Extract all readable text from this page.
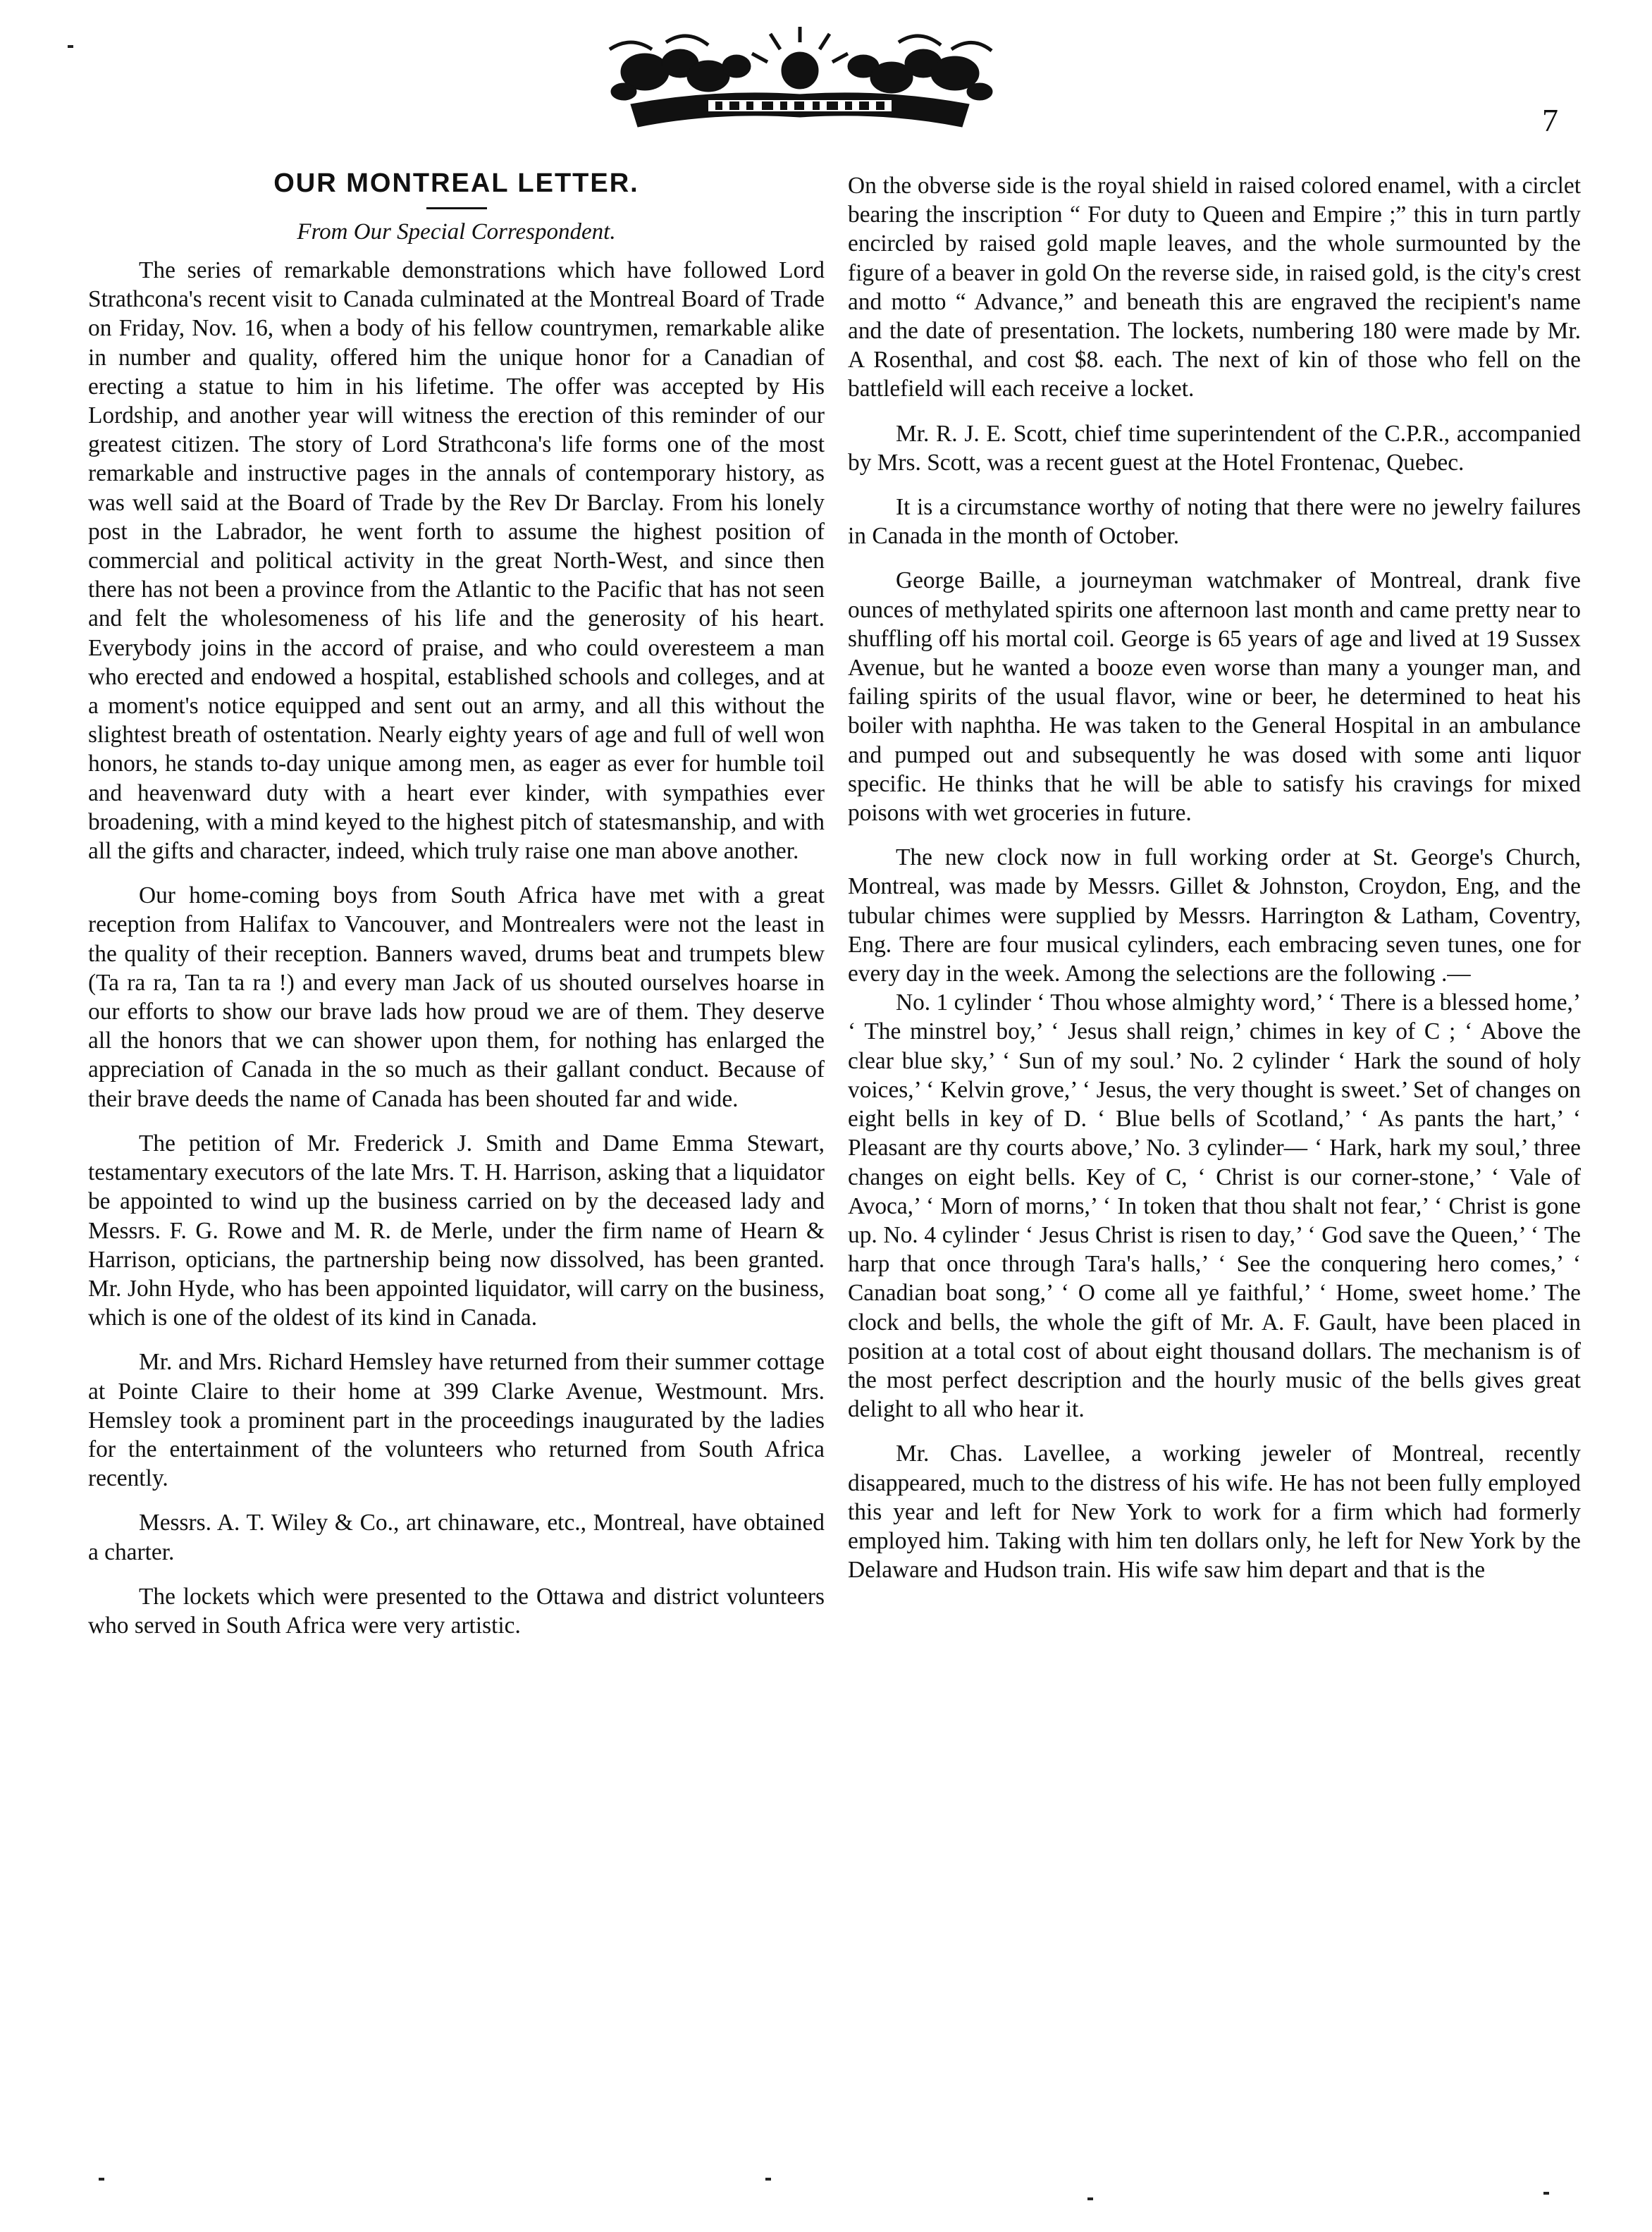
7
OUR MONTREAL LETTER.
From Our Special Correspondent.

The series of remarkable demonstrations which have followed Lord Strathcona's recent visit to Canada culminated at the Montreal Board of Trade on Friday, Nov. 16, when a body of his fellow countrymen, remarkable alike in number and quality, offered him the unique honor for a Canadian of erecting a statue to him in his lifetime. The offer was accepted by His Lordship, and another year will witness the erection of this reminder of our greatest citizen. The story of Lord Strathcona's life forms one of the most remarkable and instructive pages in the annals of contemporary history, as was well said at the Board of Trade by the Rev Dr Barclay. From his lonely post in the Labrador, he went forth to assume the highest position of commercial and political activity in the great North-West, and since then there has not been a province from the Atlantic to the Pacific that has not seen and felt the wholesomeness of his life and the generosity of his heart. Everybody joins in the accord of praise, and who could overesteem a man who erected and endowed a hospital, established schools and colleges, and at a moment's notice equipped and sent out an army, and all this without the slightest breath of ostentation. Nearly eighty years of age and full of well won honors, he stands to-day unique among men, as eager as ever for humble toil and heavenward duty with a heart ever kinder, with sympathies ever broadening, with a mind keyed to the highest pitch of statesmanship, and with all the gifts and character, indeed, which truly raise one man above another.

Our home-coming boys from South Africa have met with a great reception from Halifax to Vancouver, and Montrealers were not the least in the quality of their reception. Banners waved, drums beat and trumpets blew (Ta ra ra, Tan ta ra !) and every man Jack of us shouted ourselves hoarse in our efforts to show our brave lads how proud we are of them. They deserve all the honors that we can shower upon them, for nothing has enlarged the appreciation of Canada in the so much as their gallant conduct. Because of their brave deeds the name of Canada has been shouted far and wide.

The petition of Mr. Frederick J. Smith and Dame Emma Stewart, testamentary executors of the late Mrs. T. H. Harrison, asking that a liquidator be appointed to wind up the business carried on by the deceased lady and Messrs. F. G. Rowe and M. R. de Merle, under the firm name of Hearn & Harrison, opticians, the partnership being now dissolved, has been granted. Mr. John Hyde, who has been appointed liquidator, will carry on the business, which is one of the oldest of its kind in Canada.

Mr. and Mrs. Richard Hemsley have returned from their summer cottage at Pointe Claire to their home at 399 Clarke Avenue, Westmount. Mrs. Hemsley took a prominent part in the proceedings inaugurated by the ladies for the entertainment of the volunteers who returned from South Africa recently.

Messrs. A. T. Wiley & Co., art chinaware, etc., Montreal, have obtained a charter.

The lockets which were presented to the Ottawa and district volunteers who served in South Africa were very artistic.

On the obverse side is the royal shield in raised colored enamel, with a circlet bearing the inscription “ For duty to Queen and Empire ;” this in turn partly encircled by raised gold maple leaves, and the whole surmounted by the figure of a beaver in gold On the reverse side, in raised gold, is the city's crest and motto “ Advance,” and beneath this are engraved the recipient's name and the date of presentation. The lockets, numbering 180 were made by Mr. A Rosenthal, and cost $8. each. The next of kin of those who fell on the battlefield will each receive a locket.

Mr. R. J. E. Scott, chief time superintendent of the C.P.R., accompanied by Mrs. Scott, was a recent guest at the Hotel Frontenac, Quebec.

It is a circumstance worthy of noting that there were no jewelry failures in Canada in the month of October.

George Baille, a journeyman watchmaker of Montreal, drank five ounces of methylated spirits one afternoon last month and came pretty near to shuffling off his mortal coil. George is 65 years of age and lived at 19 Sussex Avenue, but he wanted a booze even worse than many a younger man, and failing spirits of the usual flavor, wine or beer, he determined to heat his boiler with naphtha. He was taken to the General Hospital in an ambulance and pumped out and subsequently he was dosed with some anti liquor specific. He thinks that he will be able to satisfy his cravings for mixed poisons with wet groceries in future.

The new clock now in full working order at St. George's Church, Montreal, was made by Messrs. Gillet & Johnston, Croydon, Eng, and the tubular chimes were supplied by Messrs. Harrington & Latham, Coventry, Eng. There are four musical cylinders, each embracing seven tunes, one for every day in the week. Among the selections are the following .—

No. 1 cylinder ‘ Thou whose almighty word,’ ‘ There is a blessed home,’ ‘ The minstrel boy,’ ‘ Jesus shall reign,’ chimes in key of C ; ‘ Above the clear blue sky,’ ‘ Sun of my soul.’ No. 2 cylinder ‘ Hark the sound of holy voices,’ ‘ Kelvin grove,’ ‘ Jesus, the very thought is sweet.’ Set of changes on eight bells in key of D. ‘ Blue bells of Scotland,’ ‘ As pants the hart,’ ‘ Pleasant are thy courts above,’ No. 3 cylinder— ‘ Hark, hark my soul,’ three changes on eight bells. Key of C, ‘ Christ is our corner-stone,’ ‘ Vale of Avoca,’ ‘ Morn of morns,’ ‘ In token that thou shalt not fear,’ ‘ Christ is gone up. No. 4 cylinder ‘ Jesus Christ is risen to day,’ ‘ God save the Queen,’ ‘ The harp that once through Tara's halls,’ ‘ See the conquering hero comes,’ ‘ Canadian boat song,’ ‘ O come all ye faithful,’ ‘ Home, sweet home.’ The clock and bells, the whole the gift of Mr. A. F. Gault, have been placed in position at a total cost of about eight thousand dollars. The mechanism is of the most perfect description and the hourly music of the bells gives great delight to all who hear it.

Mr. Chas. Lavellee, a working jeweler of Montreal, recently disappeared, much to the distress of his wife. He has not been fully employed this year and left for New York to work for a firm which had formerly employed him. Taking with him ten dollars only, he left for New York by the Delaware and Hudson train. His wife saw him depart and that is the
